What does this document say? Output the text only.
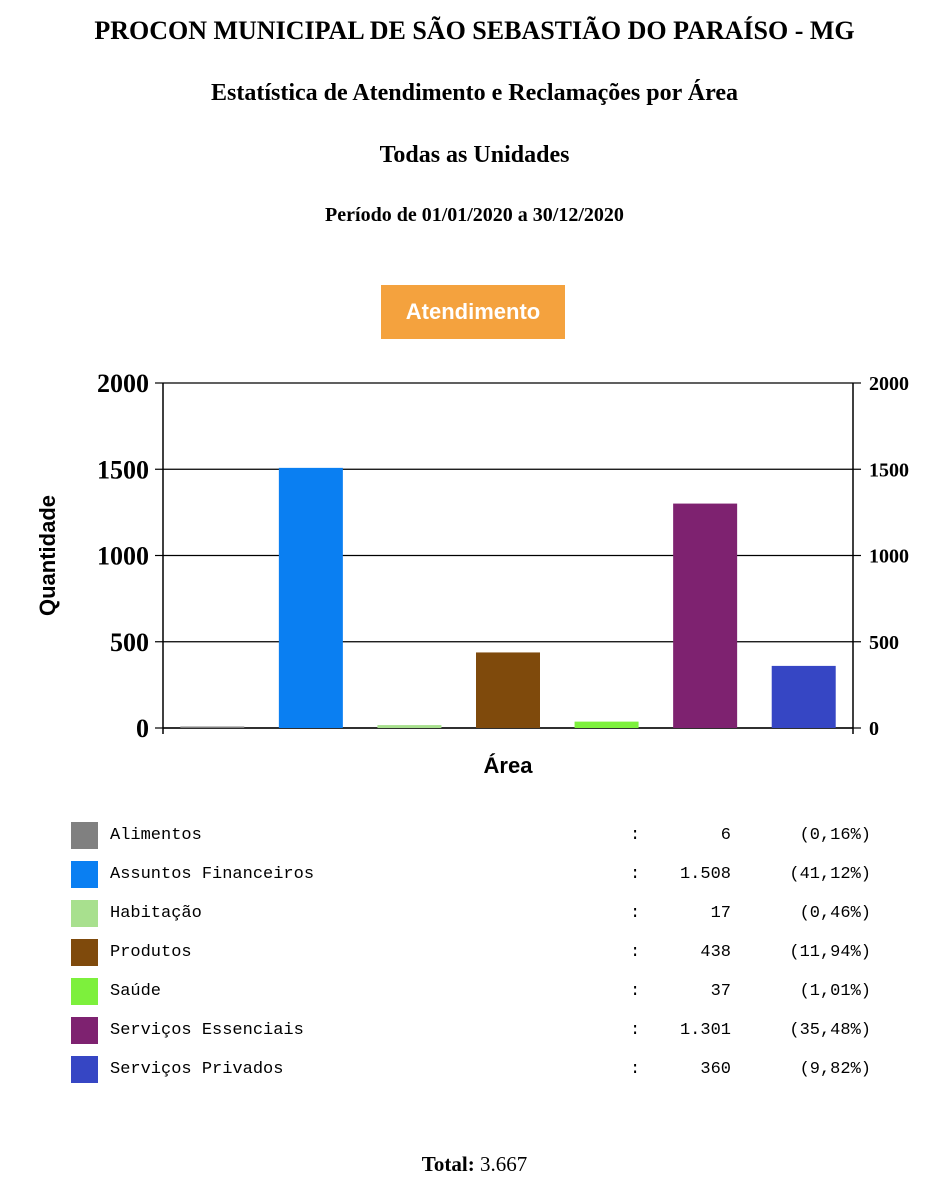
PROCON MUNICIPAL DE SÃO SEBASTIÃO DO PARAÍSO - MG
Estatística de Atendimento e Reclamações por Área
Todas as Unidades
Período de 01/01/2020 a 30/12/2020
Atendimento
0	0
500	500
1000	1000
1500	1500
2000	2000
Área
Quantidade
Alimentos	:	6	(0,16%)
Assuntos Financeiros	:	1.508	(41,12%)
Habitação	:	17	(0,46%)
Produtos	:	438	(11,94%)
Saúde	:	37	(1,01%)
Serviços Essenciais	:	1.301	(35,48%)
Serviços Privados	:	360	(9,82%)
Total: 3.667
